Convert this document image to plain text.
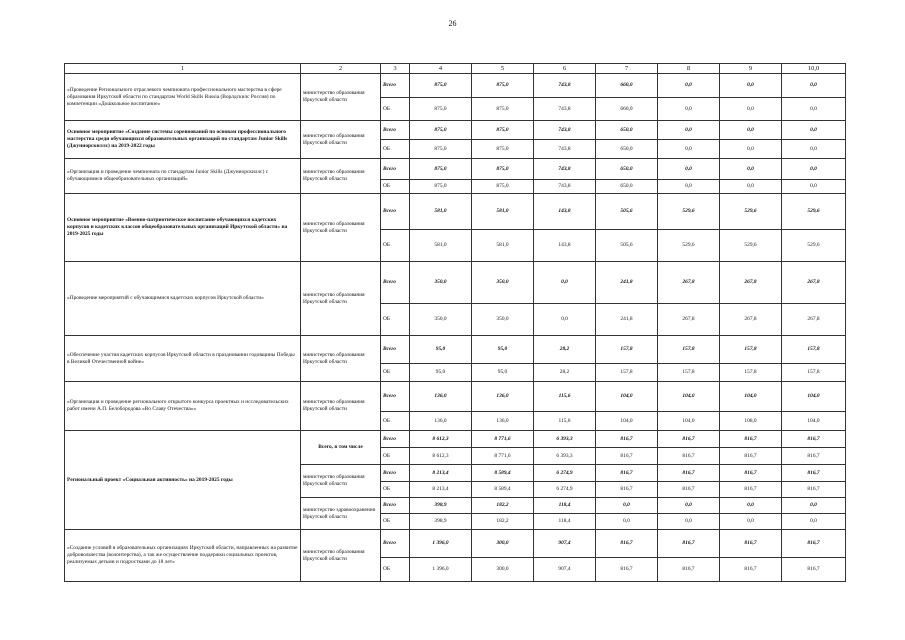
26
1	2	3	4	5	6	7	8	9	10,0
«Проведение Регионального отраслевого чемпионата профессионального мастерства в сфере образования Иркутской области по стандартам World Skills Russia (Ворлдскилс Россия) по компетенции «Дошкольное воспитание»	министерство образования Иркутской области	Всего	875,0	875,0	743,8	660,0	0,0	0,0	0,0
		ОБ	875,0	875,0	743,8	660,0	0,0	0,0	0,0
Основное мероприятие «Создание системы соревнований по основам профессионального мастерства среди обучающихся образовательных организаций по стандартам Junior Skills (Джуниорскиллс) на 2019-2022 годы	министерство образования Иркутской области	Всего	875,0	875,0	743,8	650,0	0,0	0,0	0,0
		ОБ	875,0	875,0	743,8	650,0	0,0	0,0	0,0
«Организация и проведение чемпионата по стандартам Junior Skills (Джуниорскиллс) с обучающимися общеобразовательных организаций»	министерство образования Иркутской области	Всего	875,0	875,0	743,8	650,0	0,0	0,0	0,0
		ОБ	875,0	875,0	743,8	650,0	0,0	0,0	0,0
Основное мероприятие «Военно-патриотическое воспитание обучающихся кадетских корпусов и кадетских классов общеобразовательных организаций Иркутской области» на 2019-2025 годы	министерство образования Иркутской области	Всего	581,0	581,0	143,8	505,6	529,6	529,6	529,6
		ОБ	581,0	581,0	143,8	505,6	529,6	529,6	529,6
«Проведение мероприятий с обучающимися кадетских корпусов Иркутской области»	министерство образования Иркутской области	Всего	350,0	350,0	0,0	241,8	267,8	267,8	267,8
		ОБ	350,0	350,0	0,0	241,8	267,8	267,8	267,8
«Обеспечение участия кадетских корпусов Иркутской области в праздновании годовщины Победы в Великой Отечественной войне»	министерство образования Иркутской области	Всего	95,0	95,0	28,2	157,8	157,8	157,8	157,8
		ОБ	95,0	95,0	28,2	157,8	157,8	157,8	157,8
«Организация и проведение регионального открытого конкурса проектных и исследовательских работ имени А.П. Белобородова «Во Славу Отечества»»	министерство образования Иркутской области	Всего	136,0	136,0	115,6	104,0	104,0	104,0	104,0
		ОБ	136,0	136,0	115,6	104,0	104,0	108,0	104,0
Региональный проект «Социальная активность» на 2019-2025 годы	Всего, в том числе	Всего	8 612,3	8 771,6	6 393,3	816,7	816,7	816,7	816,7
		ОБ	8 612,3	8 771,6	6 393,3	816,7	816,7	816,7	816,7
	министерство образования Иркутской области	Всего	8 213,4	8 589,4	6 274,9	816,7	816,7	816,7	816,7
		ОБ	8 213,4	8 589,4	6 274,9	816,7	816,7	816,7	816,7
	министерство здравоохранения Иркутской области	Всего	398,9	182,2	118,4	0,0	0,0	0,0	0,0
		ОБ	398,9	182,2	118,4	0,0	0,0	0,0	0,0
«Создание условий в образовательных организациях Иркутской области, направленных на развитие добровольчества (волонтерства), а так же осуществление поддержки социальных проектов, реализуемых детьми и подростками до 18 лет»	министерство образования Иркутской области	Всего	1 396,0	300,0	907,4	816,7	816,7	816,7	816,7
		ОБ	1 396,0	300,0	907,4	816,7	816,7	816,7	816,7
